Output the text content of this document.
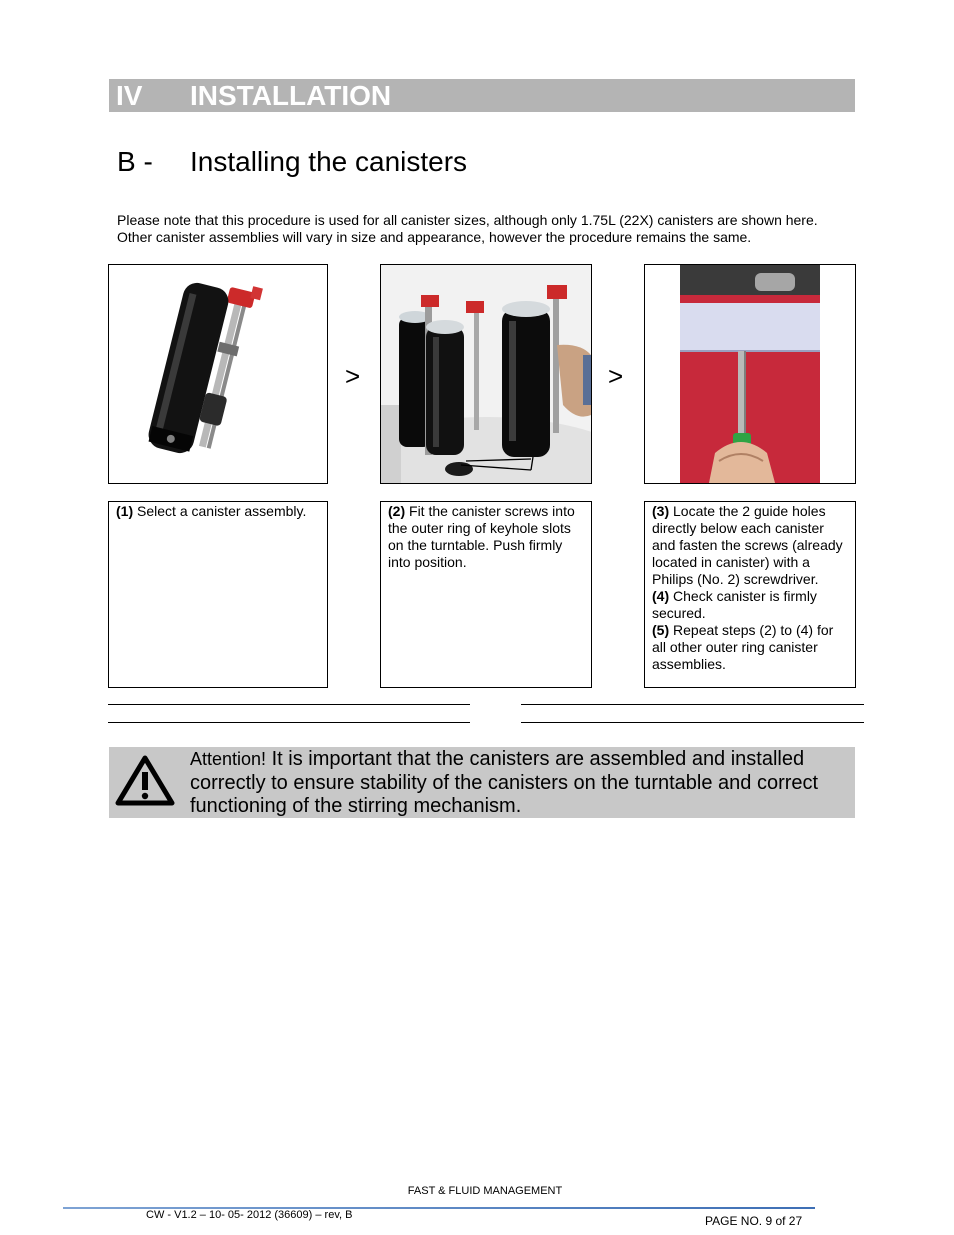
IV INSTALLATION
B - Installing the canisters
Please note that this procedure is used for all canister sizes, although only 1.75L (22X) canisters are shown here. Other canister assemblies will vary in size and appearance, however the procedure remains the same.
>	>

(1) Select a canister assembly.	(2) Fit the canister screws into the outer ring of keyhole slots on the turntable. Push firmly into position.

(3) Locate the 2 guide holes directly below each canister and fasten the screws (already located in canister) with a Philips (No. 2) screwdriver.

(4) Check canister is firmly secured.

(5) Repeat steps (2) to (4) for all other outer ring canister assemblies.

Attention! It is important that the canisters are assembled and installed correctly to ensure stability of the canisters on the turntable and correct functioning of the stirring mechanism.
FAST & FLUID MANAGEMENT
CW - V1.2 – 10- 05- 2012 (36609) – rev, B	PAGE NO. 9 of 27
